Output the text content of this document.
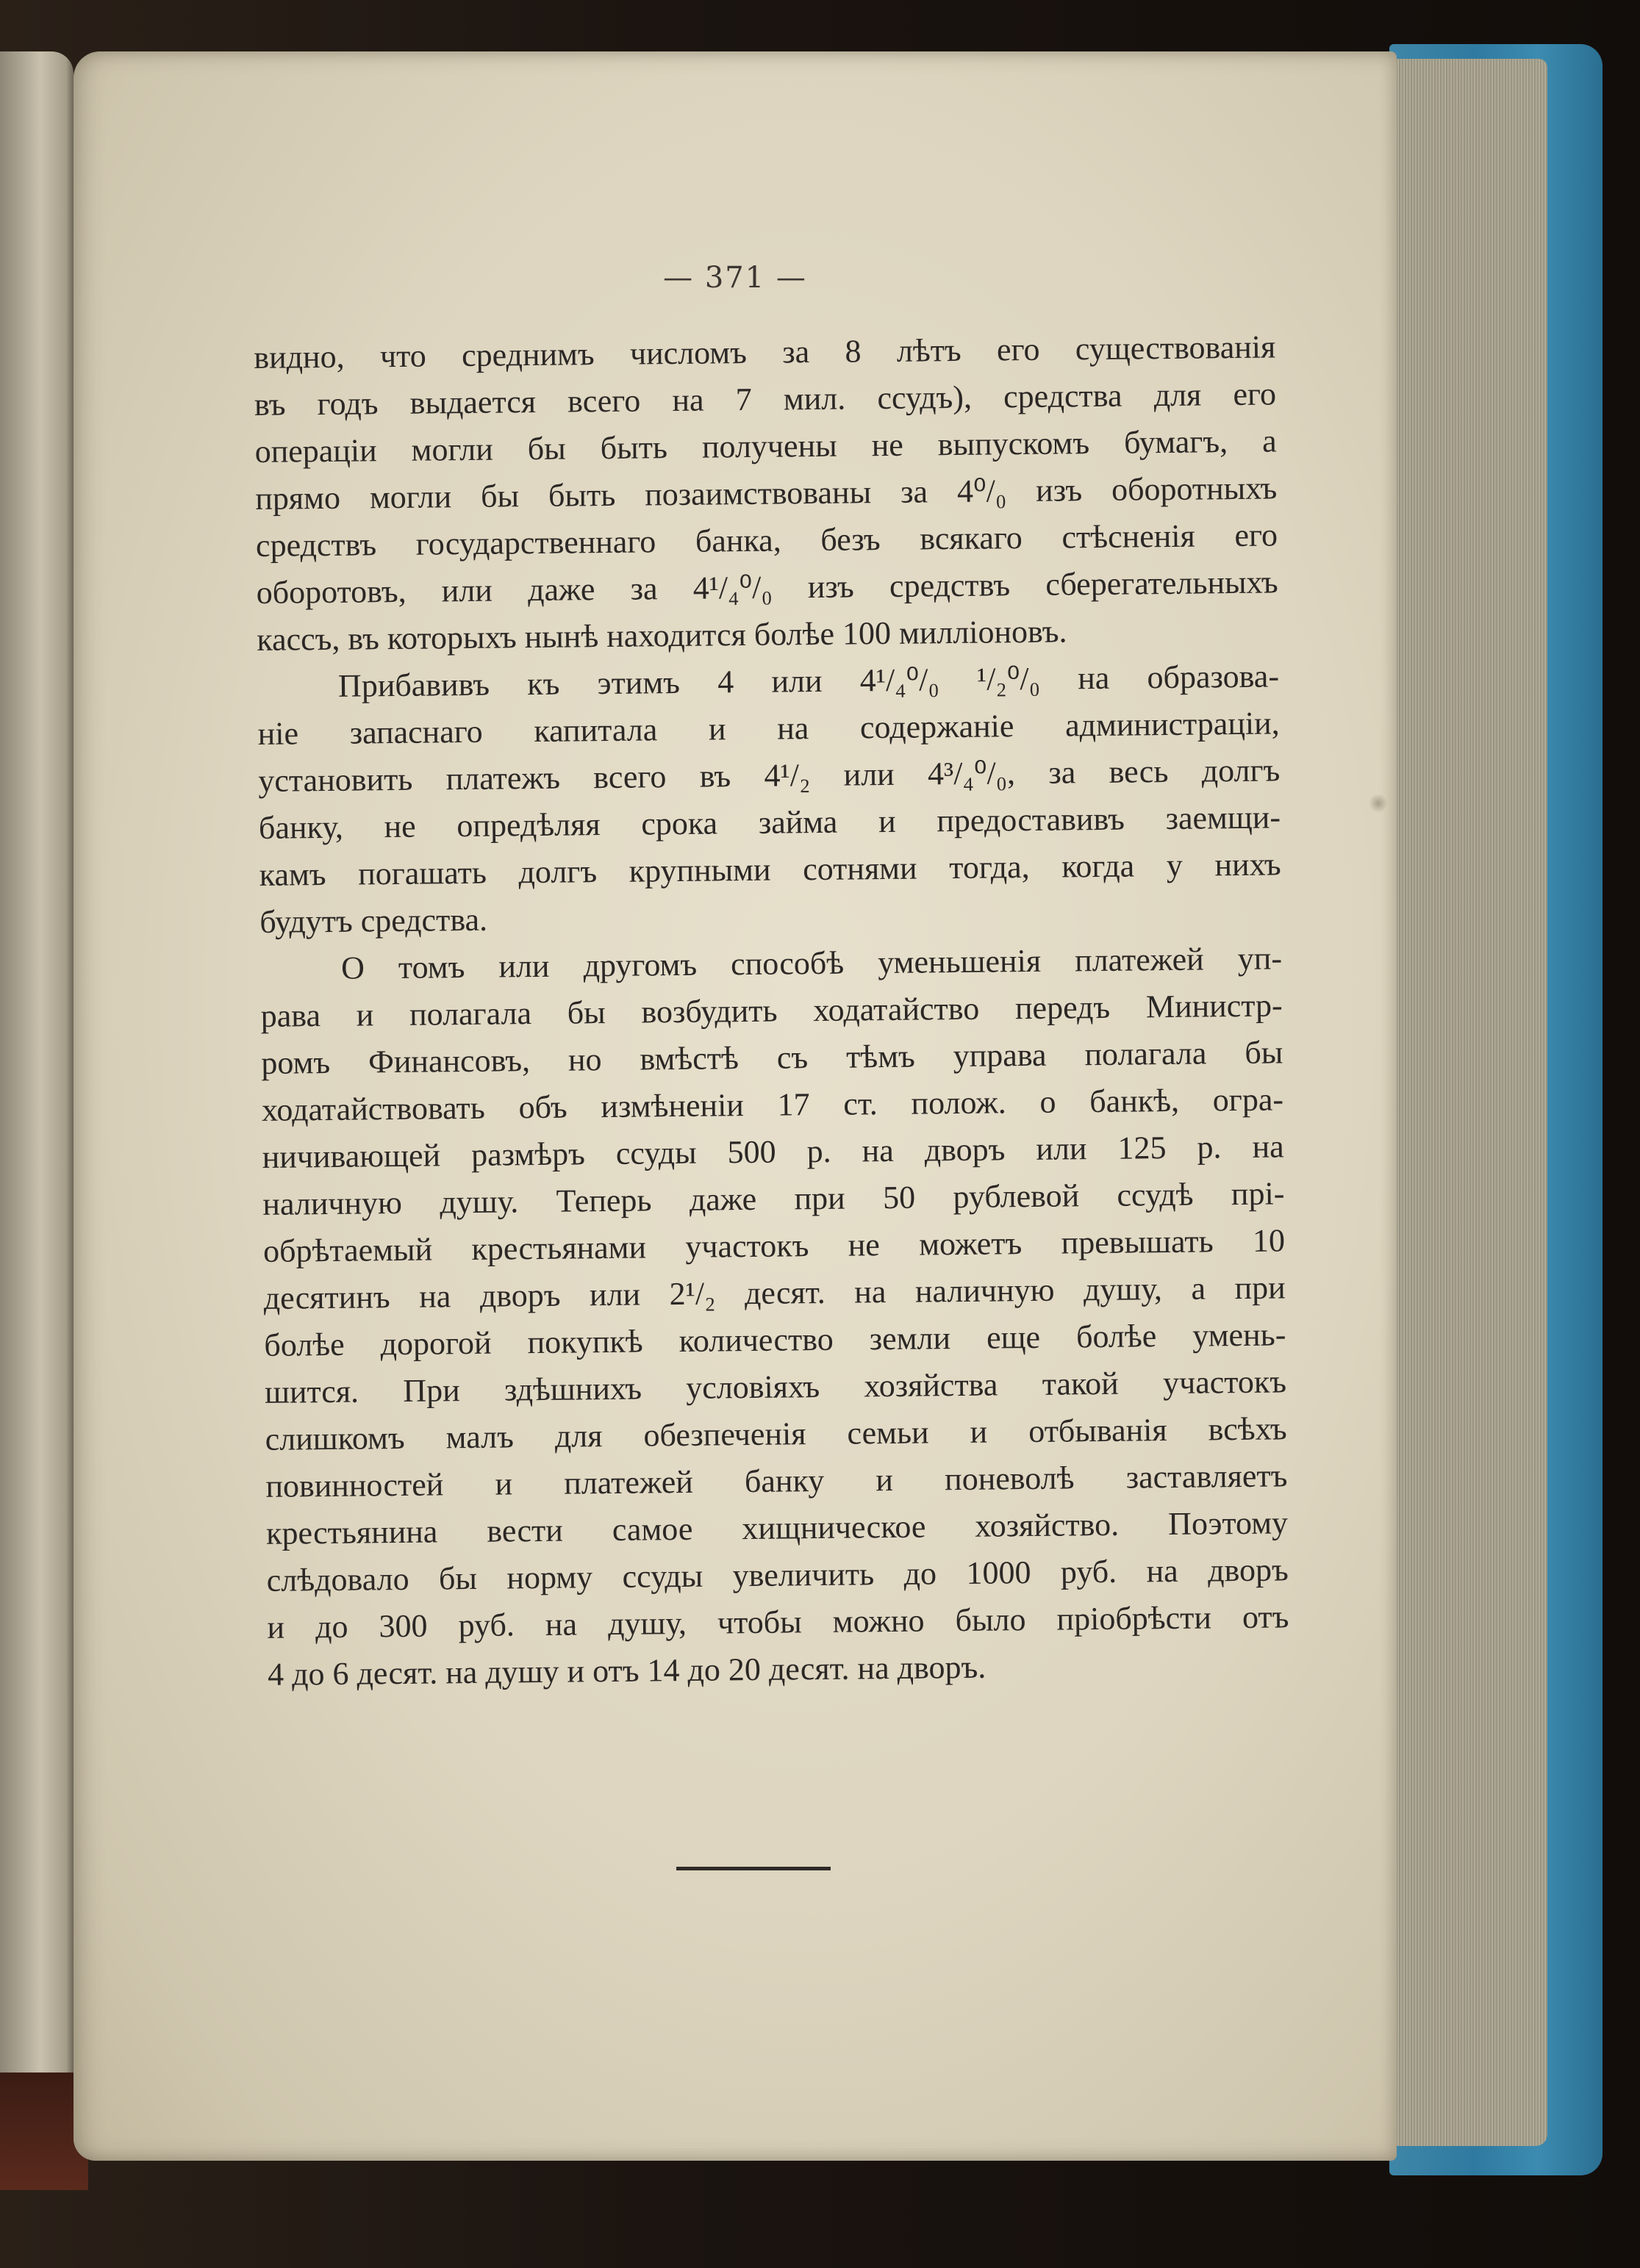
— 371 —
видно, что среднимъ числомъ за 8 лѣтъ его существованія
въ годъ выдается всего на 7 мил. ссудъ), средства для его
операціи могли бы быть получены не выпускомъ бумагъ, а
прямо могли бы быть позаимствованы за 4⁰/₀ изъ оборотныхъ
средствъ государственнаго банка, безъ всякаго стѣсненія его
оборотовъ, или даже за 4¹/₄⁰/₀ изъ средствъ сберегательныхъ
кассъ, въ которыхъ нынѣ находится болѣе 100 милліоновъ.
Прибавивъ къ этимъ 4 или 4¹/₄⁰/₀ ¹/₂⁰/₀ на образова-
ніе запаснаго капитала и на содержаніе администраціи,
установить платежъ всего въ 4¹/₂ или 4³/₄⁰/₀, за весь долгъ
банку, не опредѣляя срока займа и предоставивъ заемщи-
камъ погашать долгъ крупными сотнями тогда, когда у нихъ
будутъ средства.
О томъ или другомъ способѣ уменьшенія платежей уп-
рава и полагала бы возбудить ходатайство передъ Министр-
ромъ Финансовъ, но вмѣстѣ съ тѣмъ управа полагала бы
ходатайствовать объ измѣненіи 17 ст. полож. о банкѣ, огра-
ничивающей размѣръ ссуды 500 р. на дворъ или 125 р. на
наличную душу. Теперь даже при 50 рублевой ссудѣ прі-
обрѣтаемый крестьянами участокъ не можетъ превышать 10
десятинъ на дворъ или 2¹/₂ десят. на наличную душу, а при
болѣе дорогой покупкѣ количество земли еще болѣе умень-
шится. При здѣшнихъ условіяхъ хозяйства такой участокъ
слишкомъ малъ для обезпеченія семьи и отбыванія всѣхъ
повинностей и платежей банку и поневолѣ заставляетъ
крестьянина вести самое хищническое хозяйство. Поэтому
слѣдовало бы норму ссуды увеличить до 1000 руб. на дворъ
и до 300 руб. на душу, чтобы можно было пріобрѣсти отъ
4 до 6 десят. на душу и отъ 14 до 20 десят. на дворъ.
